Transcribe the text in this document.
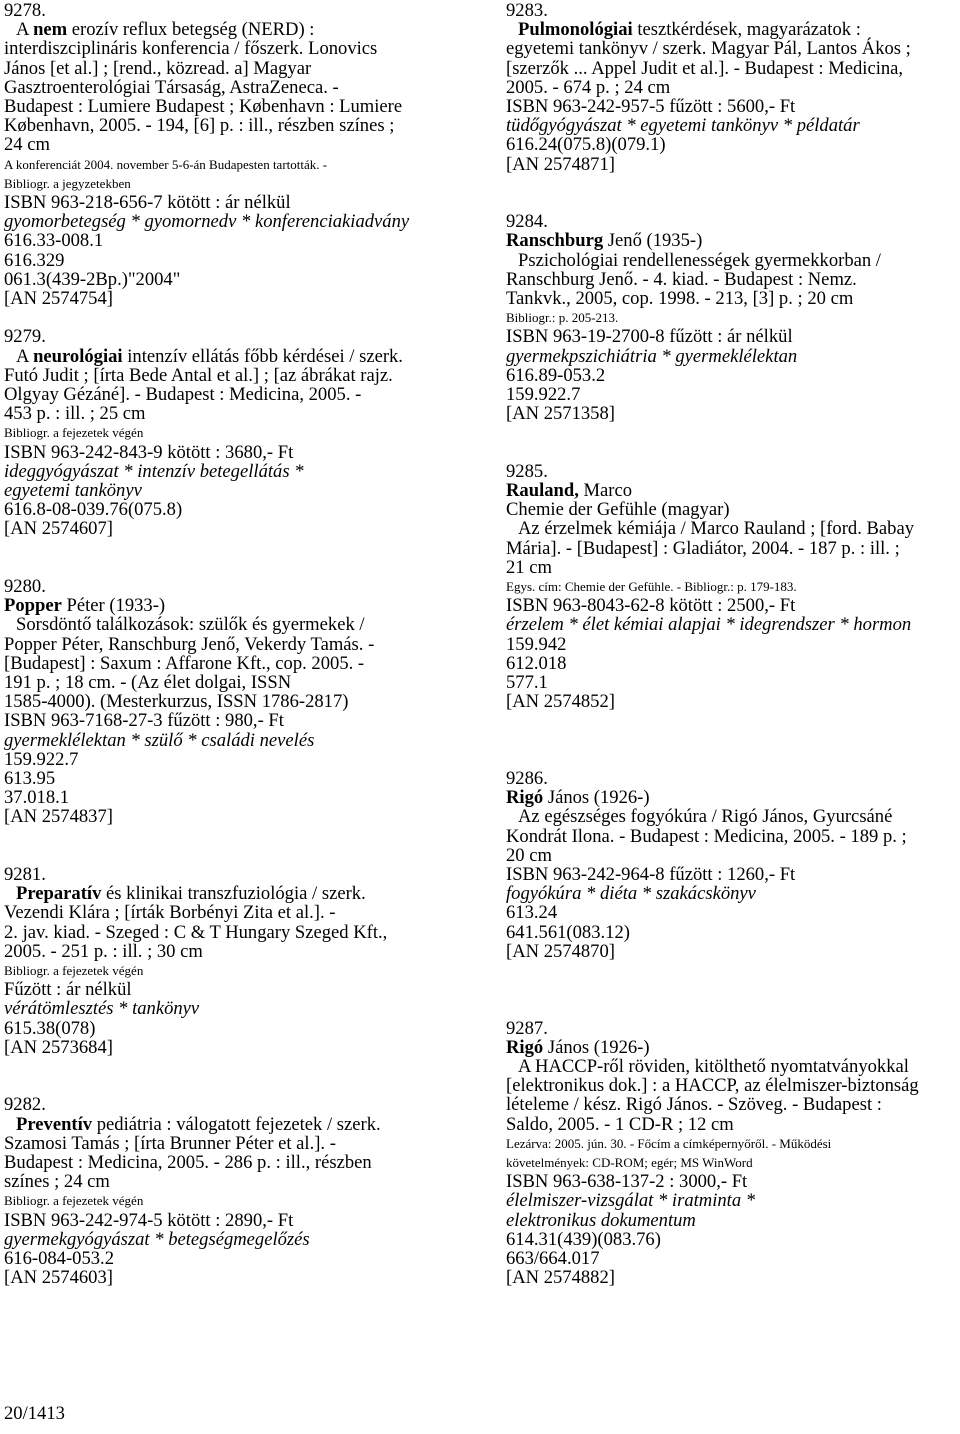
9278.
A nem erozív reflux betegség (NERD) :
interdiszciplináris konferencia / főszerk. Lonovics
János [et al.] ; [rend., közread. a] Magyar
Gasztroenterológiai Társaság, AstraZeneca. -
Budapest : Lumiere Budapest ; København : Lumiere
København, 2005. - 194, [6] p. : ill., részben színes ;
24 cm
A konferenciát 2004. november 5-6-án Budapesten tartották. -
Bibliogr. a jegyzetekben
ISBN 963-218-656-7 kötött : ár nélkül
gyomorbetegség * gyomornedv * konferenciakiadvány
616.33-008.1
616.329
061.3(439-2Bp.)"2004"
[AN 2574754]
9279.
A neurológiai intenzív ellátás főbb kérdései / szerk.
Futó Judit ; [írta Bede Antal et al.] ; [az ábrákat rajz.
Olgyay Gézáné]. - Budapest : Medicina, 2005. -
453 p. : ill. ; 25 cm
Bibliogr. a fejezetek végén
ISBN 963-242-843-9 kötött : 3680,- Ft
ideggyógyászat * intenzív betegellátás *
egyetemi tankönyv
616.8-08-039.76(075.8)
[AN 2574607]
9280.
Popper Péter (1933-)
Sorsdöntő találkozások: szülők és gyermekek /
Popper Péter, Ranschburg Jenő, Vekerdy Tamás. -
[Budapest] : Saxum : Affarone Kft., cop. 2005. -
191 p. ; 18 cm. - (Az élet dolgai, ISSN
1585-4000). (Mesterkurzus, ISSN 1786-2817)
ISBN 963-7168-27-3 fűzött : 980,- Ft
gyermeklélektan * szülő * családi nevelés
159.922.7
613.95
37.018.1
[AN 2574837]
9281.
Preparatív és klinikai transzfuziológia / szerk.
Vezendi Klára ; [írták Borbényi Zita et al.]. -
2. jav. kiad. - Szeged : C & T Hungary Szeged Kft.,
2005. - 251 p. : ill. ; 30 cm
Bibliogr. a fejezetek végén
Fűzött : ár nélkül
vérátömlesztés * tankönyv
615.38(078)
[AN 2573684]
9282.
Preventív pediátria : válogatott fejezetek / szerk.
Szamosi Tamás ; [írta Brunner Péter et al.]. -
Budapest : Medicina, 2005. - 286 p. : ill., részben
színes ; 24 cm
Bibliogr. a fejezetek végén
ISBN 963-242-974-5 kötött : 2890,- Ft
gyermekgyógyászat * betegségmegelőzés
616-084-053.2
[AN 2574603]
9283.
Pulmonológiai tesztkérdések, magyarázatok :
egyetemi tankönyv / szerk. Magyar Pál, Lantos Ákos ;
[szerzők ... Appel Judit et al.]. - Budapest : Medicina,
2005. - 674 p. ; 24 cm
ISBN 963-242-957-5 fűzött : 5600,- Ft
tüdőgyógyászat * egyetemi tankönyv * példatár
616.24(075.8)(079.1)
[AN 2574871]
9284.
Ranschburg Jenő (1935-)
Pszichológiai rendellenességek gyermekkorban /
Ranschburg Jenő. - 4. kiad. - Budapest : Nemz.
Tankvk., 2005, cop. 1998. - 213, [3] p. ; 20 cm
Bibliogr.: p. 205-213.
ISBN 963-19-2700-8 fűzött : ár nélkül
gyermekpszichiátria * gyermeklélektan
616.89-053.2
159.922.7
[AN 2571358]
9285.
Rauland, Marco
Chemie der Gefühle (magyar)
Az érzelmek kémiája / Marco Rauland ; [ford. Babay
Mária]. - [Budapest] : Gladiátor, 2004. - 187 p. : ill. ;
21 cm
Egys. cím: Chemie der Gefühle. - Bibliogr.: p. 179-183.
ISBN 963-8043-62-8 kötött : 2500,- Ft
érzelem * élet kémiai alapjai * idegrendszer * hormon
159.942
612.018
577.1
[AN 2574852]
9286.
Rigó János (1926-)
Az egészséges fogyókúra / Rigó János, Gyurcsáné
Kondrát Ilona. - Budapest : Medicina, 2005. - 189 p. ;
20 cm
ISBN 963-242-964-8 fűzött : 1260,- Ft
fogyókúra * diéta * szakácskönyv
613.24
641.561(083.12)
[AN 2574870]
9287.
Rigó János (1926-)
A HACCP-ről röviden, kitölthető nyomtatványokkal
[elektronikus dok.] : a HACCP, az élelmiszer-biztonság
lételeme / kész. Rigó János. - Szöveg. - Budapest :
Saldo, 2005. - 1 CD-R ; 12 cm
Lezárva: 2005. jún. 30. - Főcím a címképernyőről. - Működési
követelmények: CD-ROM; egér; MS WinWord
ISBN 963-638-137-2 : 3000,- Ft
élelmiszer-vizsgálat * iratminta *
elektronikus dokumentum
614.31(439)(083.76)
663/664.017
[AN 2574882]
20/1413
